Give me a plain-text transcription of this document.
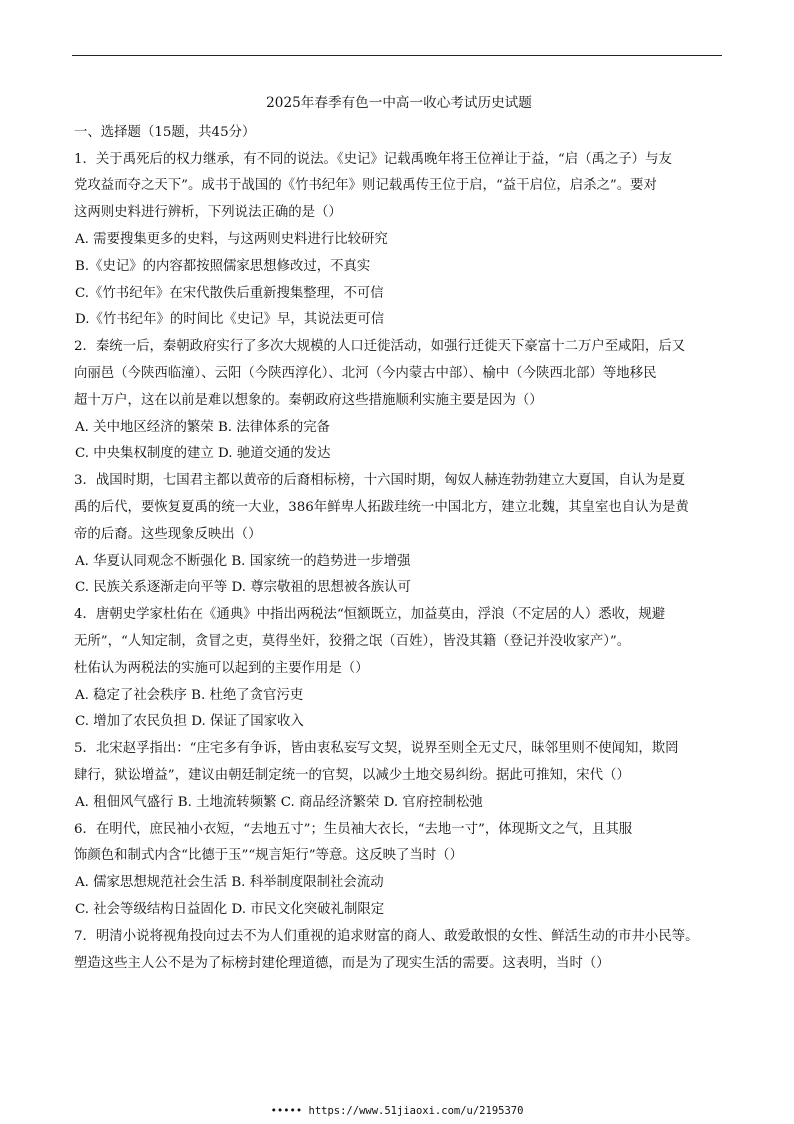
2025年春季有色一中高一收心考试历史试题
一、选择题（15题，共45分）

1．关于禹死后的权力继承，有不同的说法。《史记》记载禹晚年将王位禅让于益，“启（禹之子）与友

党攻益而夺之天下”。成书于战国的《竹书纪年》则记载禹传王位于启，“益干启位，启杀之”。要对

这两则史料进行辨析，下列说法正确的是（）

A. 需要搜集更多的史料，与这两则史料进行比较研究

B.《史记》的内容都按照儒家思想修改过，不真实

C.《竹书纪年》在宋代散佚后重新搜集整理，不可信

D.《竹书纪年》的时间比《史记》早，其说法更可信

2．秦统一后，秦朝政府实行了多次大规模的人口迁徙活动，如强行迁徙天下豪富十二万户至咸阳，后又

向丽邑（今陕西临潼）、云阳（今陕西淳化）、北河（今内蒙古中部）、榆中（今陕西北部）等地移民

超十万户，这在以前是难以想象的。秦朝政府这些措施顺利实施主要是因为（）

A. 关中地区经济的繁荣 B. 法律体系的完备

C. 中央集权制度的建立 D. 驰道交通的发达

3．战国时期，七国君主都以黄帝的后裔相标榜，十六国时期，匈奴人赫连勃勃建立大夏国，自认为是夏

禹的后代，要恢复夏禹的统一大业，386年鲜卑人拓跋珪统一中国北方，建立北魏，其皇室也自认为是黄

帝的后裔。这些现象反映出（）

A. 华夏认同观念不断强化 B. 国家统一的趋势进一步增强

C. 民族关系逐渐走向平等 D. 尊宗敬祖的思想被各族认可

4．唐朝史学家杜佑在《通典》中指出两税法“恒额既立，加益莫由，浮浪（不定居的人）悉收，规避

无所”，“人知定制，贪冒之吏，莫得坐奸，狡猾之氓（百姓），皆没其籍（登记并没收家产）”。

杜佑认为两税法的实施可以起到的主要作用是（）

A. 稳定了社会秩序 B. 杜绝了贪官污吏

C. 增加了农民负担 D. 保证了国家收入

5．北宋赵孚指出：“庄宅多有争诉，皆由衷私妄写文契，说界至则全无丈尺，昧邻里则不使闻知，欺罔

肆行，狱讼增益”，建议由朝廷制定统一的官契，以减少土地交易纠纷。据此可推知，宋代（）

A. 租佃风气盛行 B. 土地流转频繁 C. 商品经济繁荣 D. 官府控制松弛

6．在明代，庶民袖小衣短，“去地五寸”；生员袖大衣长，“去地一寸”，体现斯文之气，且其服

饰颜色和制式内含“比德于玉”“规言矩行”等意。这反映了当时（）

A. 儒家思想规范社会生活 B. 科举制度限制社会流动

C. 社会等级结构日益固化 D. 市民文化突破礼制限定

7．明清小说将视角投向过去不为人们重视的追求财富的商人、敢爱敢恨的女性、鲜活生动的市井小民等。

塑造这些主人公不是为了标榜封建伦理道德，而是为了现实生活的需要。这表明，当时（）

••••• https://www.51jiaoxi.com/u/2195370
